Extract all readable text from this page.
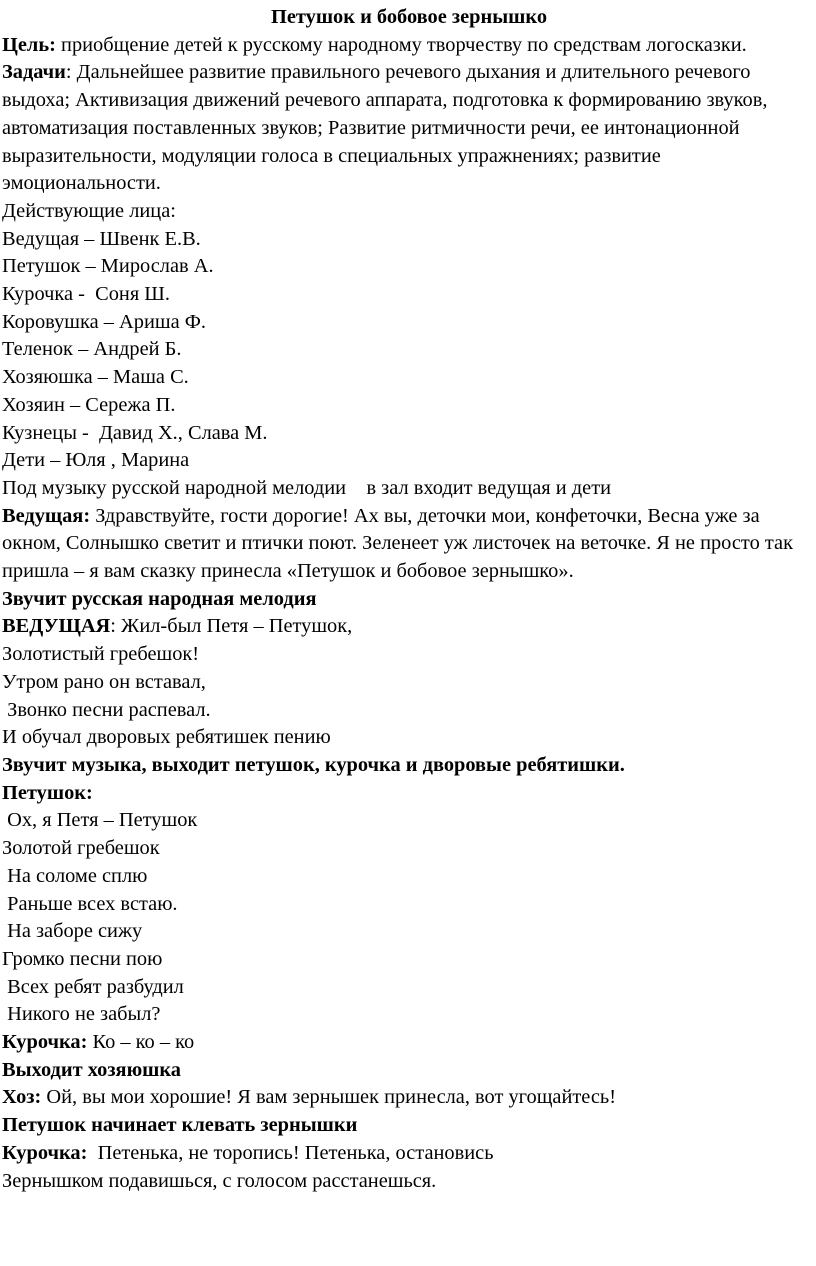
Петушок и бобовое зернышко
Цель: приобщение детей к русскому народному творчеству по средствам логосказки.
Задачи: Дальнейшее развитие правильного речевого дыхания и длительного речевого выдоха; Активизация движений речевого аппарата, подготовка к формированию звуков, автоматизация поставленных звуков; Развитие ритмичности речи, ее интонационной выразительности, модуляции голоса в специальных упражнениях; развитие эмоциональности.
Действующие лица:
Ведущая – Швенк Е.В.
Петушок – Мирослав А.
Курочка -  Соня Ш.
Коровушка – Ариша Ф.
Теленок – Андрей Б.
Хозяюшка – Маша С.
Хозяин – Сережа П.
Кузнецы -  Давид Х., Слава М.
Дети – Юля , Марина
Под музыку русской народной мелодии    в зал входит ведущая и дети
Ведущая: Здравствуйте, гости дорогие! Ах вы, деточки мои, конфеточки, Весна уже за окном, Солнышко светит и птички поют. Зеленеет уж листочек на веточке. Я не просто так пришла – я вам сказку принесла «Петушок и бобовое зернышко».
Звучит русская народная мелодия
ВЕДУЩАЯ: Жил-был Петя – Петушок,
Золотистый гребешок!
Утром рано он вставал,
Звонко песни распевал.
И обучал дворовых ребятишек пению
Звучит музыка, выходит петушок, курочка и дворовые ребятишки.
Петушок:
Ох, я Петя – Петушок
Золотой гребешок
На соломе сплю
Раньше всех встаю.
На заборе сижу
Громко песни пою
Всех ребят разбудил
Никого не забыл?
Курочка: Ко – ко – ко
Выходит хозяюшка
Хоз: Ой, вы мои хорошие! Я вам зернышек принесла, вот угощайтесь!
Петушок начинает клевать зернышки
Курочка:  Петенька, не торопись! Петенька, остановись
Зернышком подавишься, с голосом расстанешься.
